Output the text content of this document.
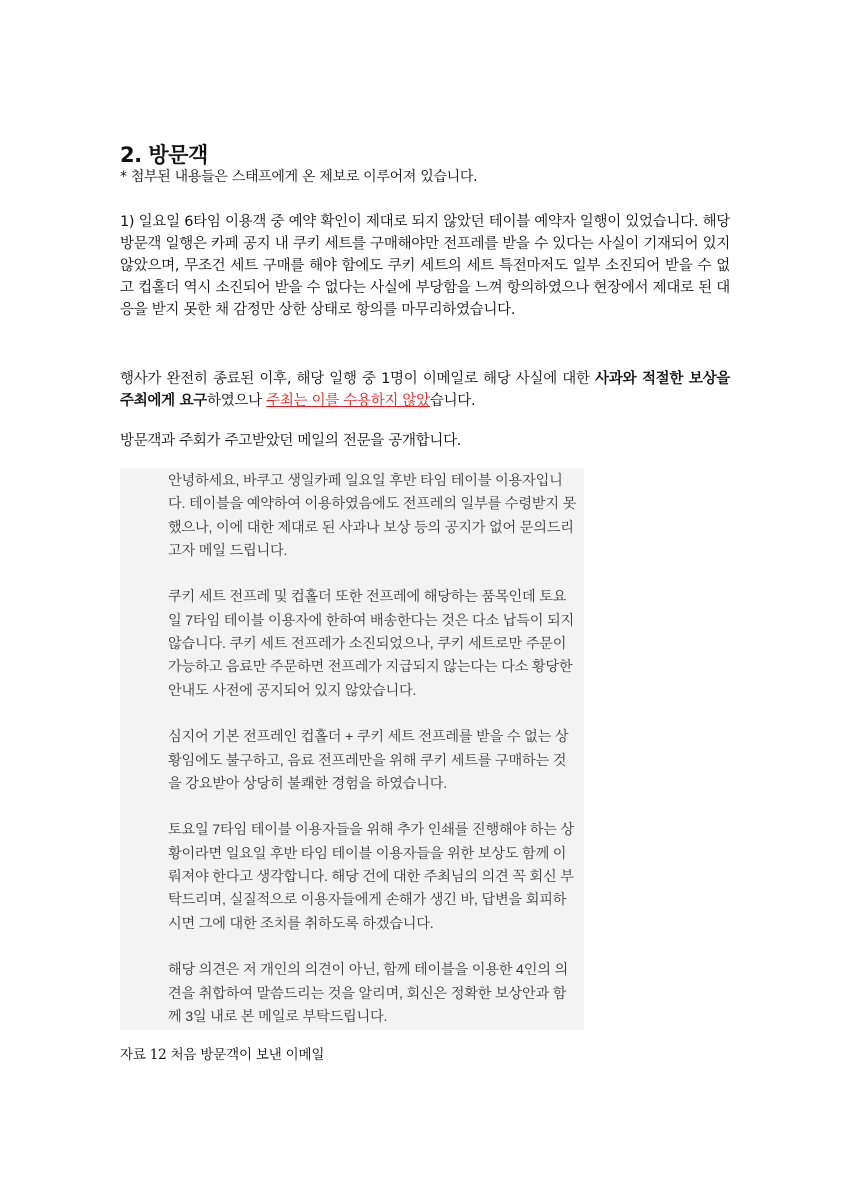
2. 방문객

* 첨부된 내용들은 스태프에게 온 제보로 이루어져 있습니다.

1) 일요일 6타임 이용객 중 예약 확인이 제대로 되지 않았던 테이블 예약자 일행이 있었습니다. 해당 방문객 일행은 카페 공지 내 쿠키 세트를 구매해야만 전프레를 받을 수 있다는 사실이 기재되어 있지 않았으며, 무조건 세트 구매를 해야 함에도 쿠키 세트의 세트 특전마저도 일부 소진되어 받을 수 없고 컵홀더 역시 소진되어 받을 수 없다는 사실에 부당함을 느껴 항의하였으나 현장에서 제대로 된 대응을 받지 못한 채 감정만 상한 상태로 항의를 마무리하였습니다.

행사가 완전히 종료된 이후, 해당 일행 중 1명이 이메일로 해당 사실에 대한 사과와 적절한 보상을 주최에게 요구하였으나 주최는 이를 수용하지 않았습니다.

방문객과 주회가 주고받았던 메일의 전문을 공개합니다.

안녕하세요, 바쿠고 생일카페 일요일 후반 타임 테이블 이용자입니다. 테이블을 예약하여 이용하였음에도 전프레의 일부를 수령받지 못했으나, 이에 대한 제대로 된 사과나 보상 등의 공지가 없어 문의드리고자 메일 드립니다.

쿠키 세트 전프레 및 컵홀더 또한 전프레에 해당하는 품목인데 토요일 7타임 테이블 이용자에 한하여 배송한다는 것은 다소 납득이 되지 않습니다. 쿠키 세트 전프레가 소진되었으나, 쿠키 세트로만 주문이 가능하고 음료만 주문하면 전프레가 지급되지 않는다는 다소 황당한 안내도 사전에 공지되어 있지 않았습니다.

심지어 기본 전프레인 컵홀더 + 쿠키 세트 전프레를 받을 수 없는 상황임에도 불구하고, 음료 전프레만을 위해 쿠키 세트를 구매하는 것을 강요받아 상당히 불쾌한 경험을 하였습니다.

토요일 7타임 테이블 이용자들을 위해 추가 인쇄를 진행해야 하는 상황이라면 일요일 후반 타임 테이블 이용자들을 위한 보상도 함께 이뤄져야 한다고 생각합니다. 해당 건에 대한 주최님의 의견 꼭 회신 부탁드리며, 실질적으로 이용자들에게 손해가 생긴 바, 답변을 회피하시면 그에 대한 조치를 취하도록 하겠습니다.

해당 의견은 저 개인의 의견이 아닌, 함께 테이블을 이용한 4인의 의견을 취합하여 말씀드리는 것을 알리며, 회신은 정확한 보상안과 함께 3일 내로 본 메일로 부탁드립니다.

자료 12 처음 방문객이 보낸 이메일
